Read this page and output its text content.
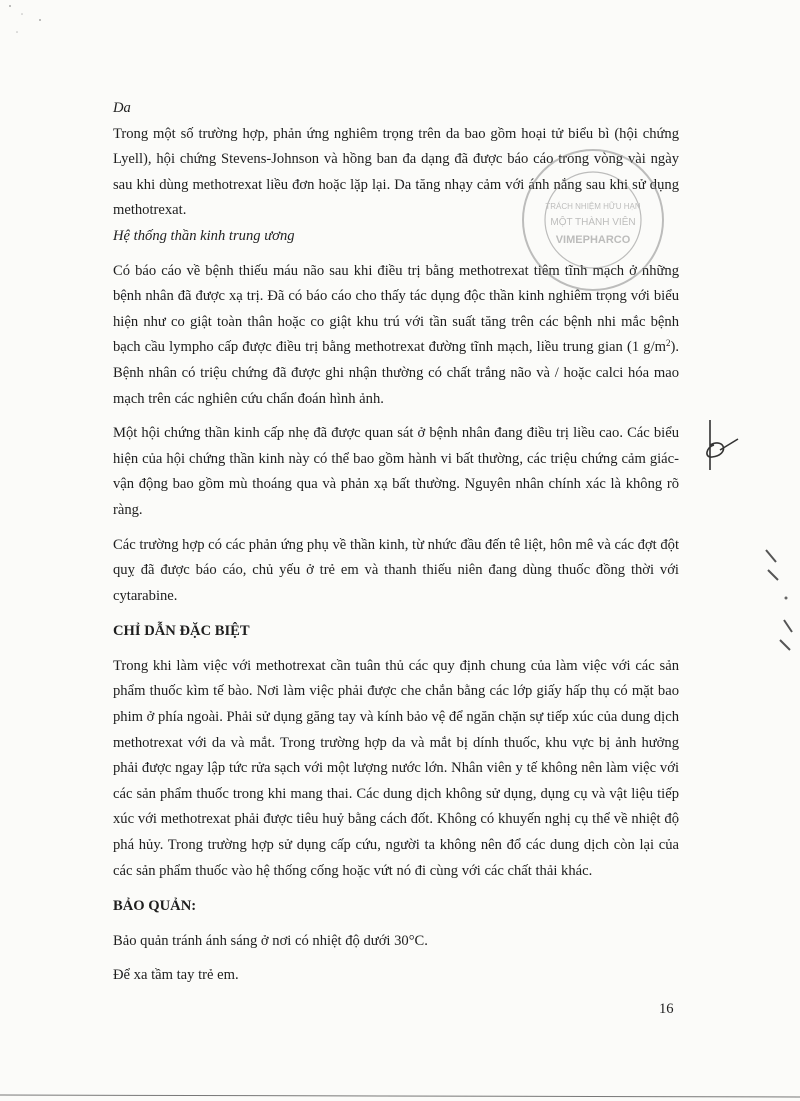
Da

Trong một số trường hợp, phản ứng nghiêm trọng trên da bao gồm hoại tử biểu bì (hội chứng Lyell), hội chứng Stevens-Johnson và hồng ban đa dạng đã được báo cáo trong vòng vài ngày sau khi dùng methotrexat liều đơn hoặc lặp lại. Da tăng nhạy cảm với ánh nắng sau khi sử dụng methotrexat.

Hệ thống thần kinh trung ương

Có báo cáo về bệnh thiếu máu não sau khi điều trị bằng methotrexat tiêm tĩnh mạch ở những bệnh nhân đã được xạ trị. Đã có báo cáo cho thấy tác dụng độc thần kinh nghiêm trọng với biểu hiện như co giật toàn thân hoặc co giật khu trú với tần suất tăng trên các bệnh nhi mắc bệnh bạch cầu lympho cấp được điều trị bằng methotrexat đường tĩnh mạch, liều trung gian (1 $g/m^2$). Bệnh nhân có triệu chứng đã được ghi nhận thường có chất trắng não và / hoặc calci hóa mao mạch trên các nghiên cứu chẩn đoán hình ảnh.

Một hội chứng thần kinh cấp nhẹ đã được quan sát ở bệnh nhân đang điều trị liều cao. Các biểu hiện của hội chứng thần kinh này có thể bao gồm hành vi bất thường, các triệu chứng cảm giác-vận động bao gồm mù thoáng qua và phản xạ bất thường. Nguyên nhân chính xác là không rõ ràng.

Các trường hợp có các phản ứng phụ về thần kinh, từ nhức đầu đến tê liệt, hôn mê và các đợt đột quỵ đã được báo cáo, chủ yếu ở trẻ em và thanh thiếu niên đang dùng thuốc đồng thời với cytarabine.

CHỈ DẪN ĐẶC BIỆT

Trong khi làm việc với methotrexat cần tuân thủ các quy định chung của làm việc với các sản phẩm thuốc kìm tế bào. Nơi làm việc phải được che chắn bằng các lớp giấy hấp thụ có mặt bao phim ở phía ngoài. Phải sử dụng găng tay và kính bảo vệ để ngăn chặn sự tiếp xúc của dung dịch methotrexat với da và mắt. Trong trường hợp da và mắt bị dính thuốc, khu vực bị ảnh hưởng phải được ngay lập tức rửa sạch với một lượng nước lớn. Nhân viên y tế không nên làm việc với các sản phẩm thuốc trong khi mang thai. Các dung dịch không sử dụng, dụng cụ và vật liệu tiếp xúc với methotrexat phải được tiêu huỷ bằng cách đốt. Không có khuyến nghị cụ thể về nhiệt độ phá hủy. Trong trường hợp sử dụng cấp cứu, người ta không nên đổ các dung dịch còn lại của các sản phẩm thuốc vào hệ thống cống hoặc vứt nó đi cùng với các chất thải khác.

BẢO QUẢN:

Bảo quản tránh ánh sáng ở nơi có nhiệt độ dưới 30°C.

Để xa tầm tay trẻ em.

TRÁCH NHIỆM HỮU HẠN
MỘT THÀNH VIÊN
VIMEPHARCO
16
